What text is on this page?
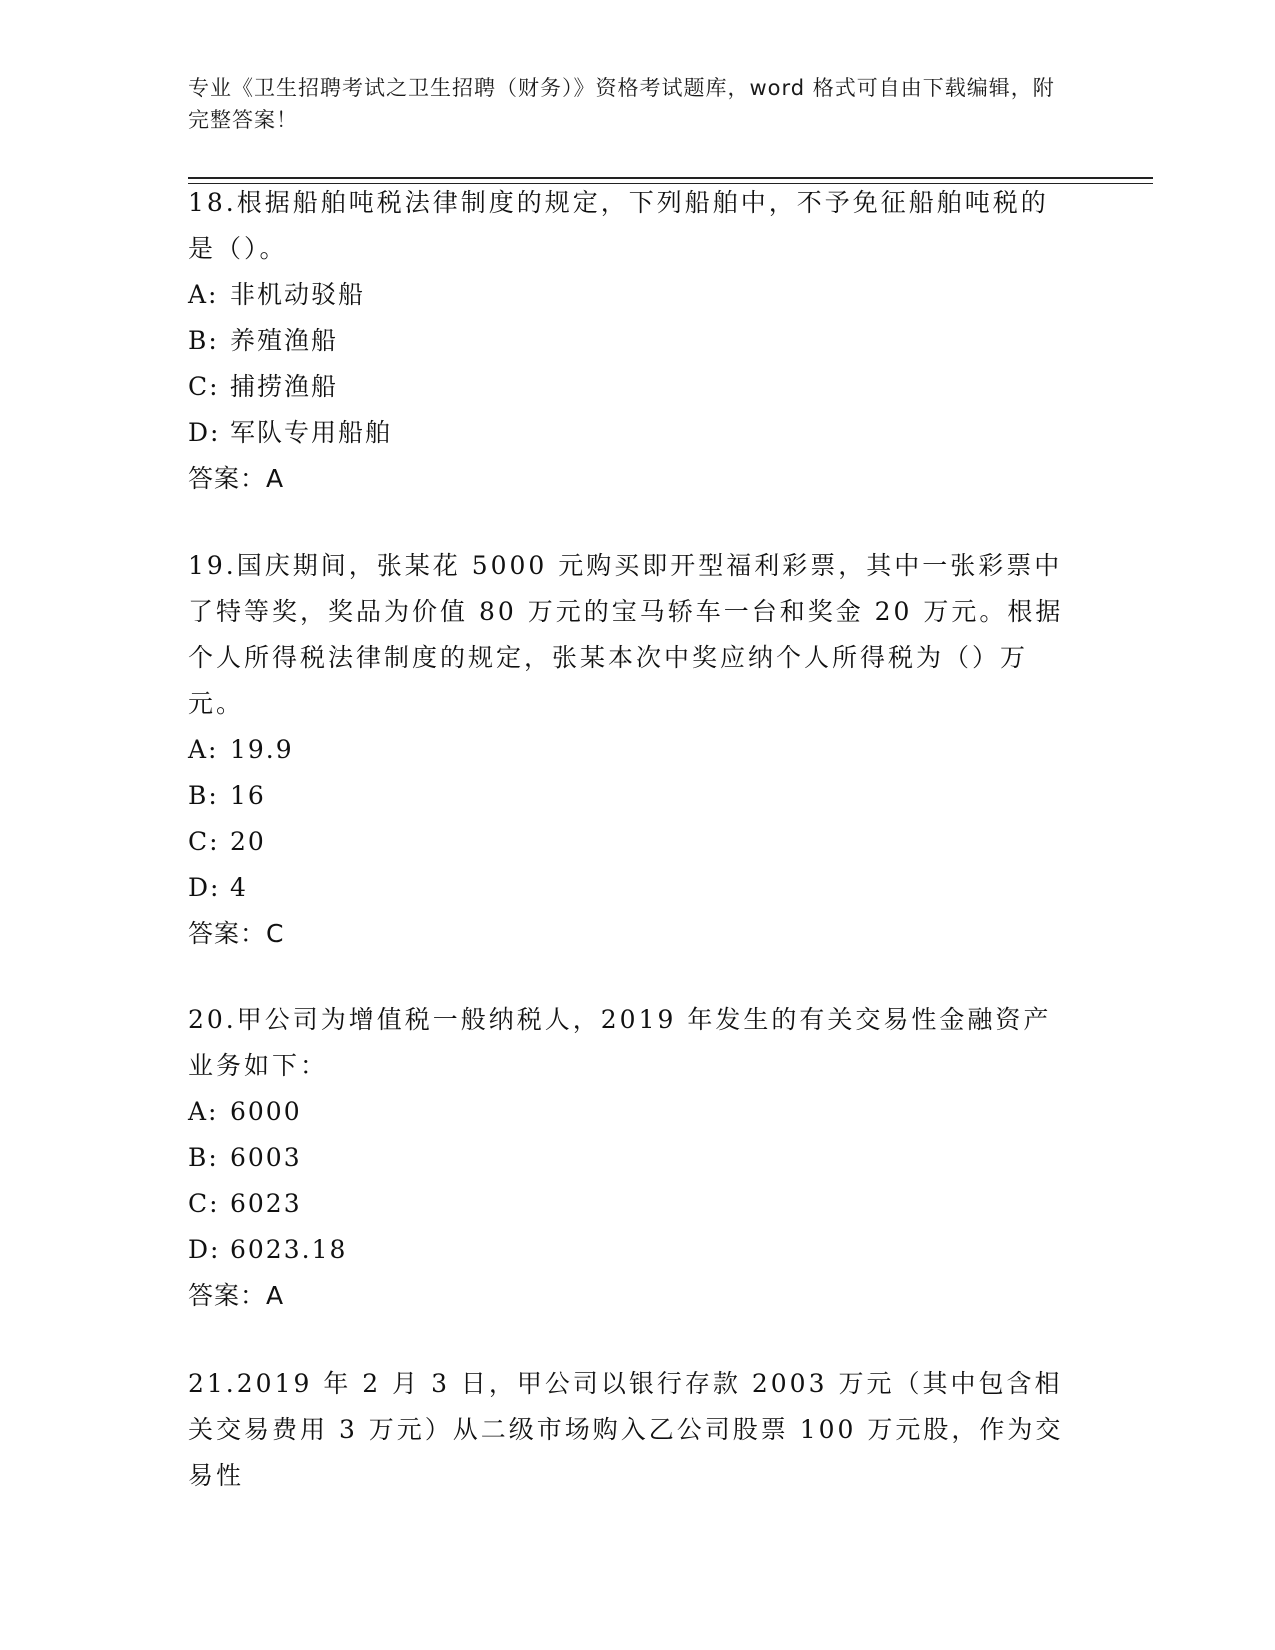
专业《卫生招聘考试之卫生招聘（财务）》资格考试题库，word 格式可自由下载编辑，附完整答案！

18.根据船舶吨税法律制度的规定，下列船舶中，不予免征船舶吨税的是（）。

A: 非机动驳船

B: 养殖渔船

C: 捕捞渔船

D: 军队专用船舶

答案：A

19.国庆期间，张某花 5000 元购买即开型福利彩票，其中一张彩票中了特等奖，奖品为价值 80 万元的宝马轿车一台和奖金 20 万元。根据个人所得税法律制度的规定，张某本次中奖应纳个人所得税为（）万元。

A: 19.9

B: 16

C: 20

D: 4

答案：C

20.甲公司为增值税一般纳税人，2019 年发生的有关交易性金融资产业务如下：

A: 6000

B: 6003

C: 6023

D: 6023.18

答案：A

21.2019 年 2 月 3 日，甲公司以银行存款 2003 万元（其中包含相关交易费用 3 万元）从二级市场购入乙公司股票 100 万元股，作为交易性
